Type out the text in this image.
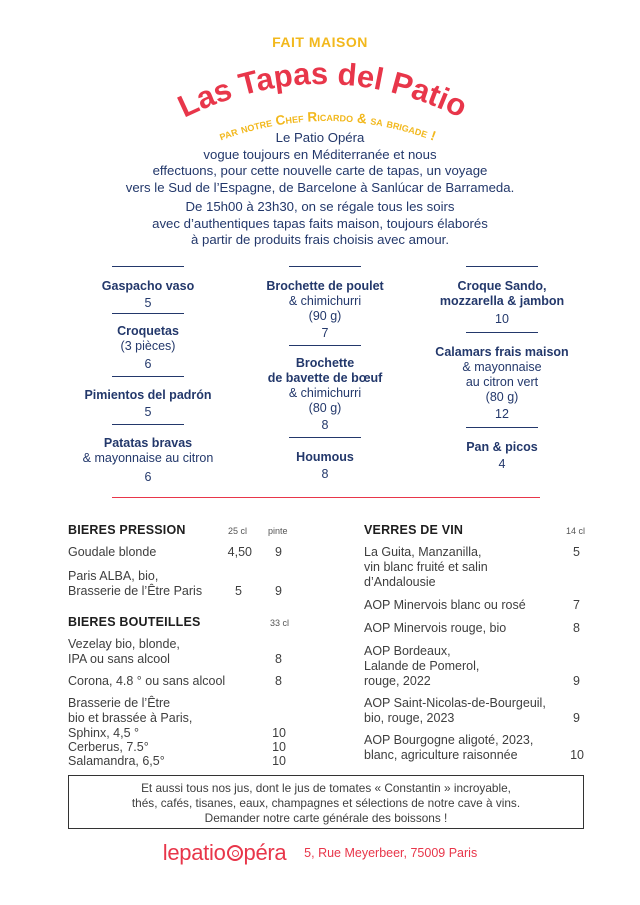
FAIT MAISON
Las Tapas del Patio
par notre Chef Ricardo & sa brigade !

Le Patio Opéra
vogue toujours en Méditerranée et nous
effectuons, pour cette nouvelle carte de tapas, un voyage
vers le Sud de l’Espagne, de Barcelone à Sanlúcar de Barrameda.

De 15h00 à 23h30, on se régale tous les soirs
avec d’authentiques tapas faits maison, toujours élaborés
à partir de produits frais choisis avec amour.

Gaspacho vaso
5
Croquetas
(3 pièces)
6
Pimientos del padrón
5
Patatas bravas
& mayonnaise au citron
6
Brochette de poulet
& chimichurri
(90 g)
7
Brochette
de bavette de bœuf
& chimichurri
(80 g)
8
Houmous
8
Croque Sando,
mozzarella & jambon
10
Calamars frais maison
& mayonnaise
au citron vert
(80 g)
12
Pan & picos
4
BIERES PRESSION	25 cl pinte
Goudale blonde	4,50	9
Paris ALBA, bio,
Brasserie de l’Être Paris	5	9
BIERES BOUTEILLES	33 cl
Vezelay bio, blonde,
IPA ou sans alcool	8
Corona, 4.8 ° ou sans alcool	8
Brasserie de l’Être
bio et brassée à Paris,
Sphinx, 4,5 °	10
Cerberus, 7.5°	10
Salamandra, 6,5°	10
VERRES DE VIN	14 cl
La Guita, Manzanilla,
vin blanc fruité et salin
d’Andalousie
5
AOP Minervois blanc ou rosé	7
AOP Minervois rouge, bio	8
AOP Bordeaux,
Lalande de Pomerol,
rouge, 2022	9
AOP Saint-Nicolas-de-Bourgeuil,
bio, rouge, 2023	9
AOP Bourgogne aligoté, 2023,
blanc, agriculture raisonnée	10

Et aussi tous nos jus, dont le jus de tomates « Constantin » incroyable,

thés, cafés, tisanes, eaux, champagnes et sélections de notre cave à vins.

Demander notre carte générale des boissons !

lepatio péra 5, Rue Meyerbeer, 75009 Paris
